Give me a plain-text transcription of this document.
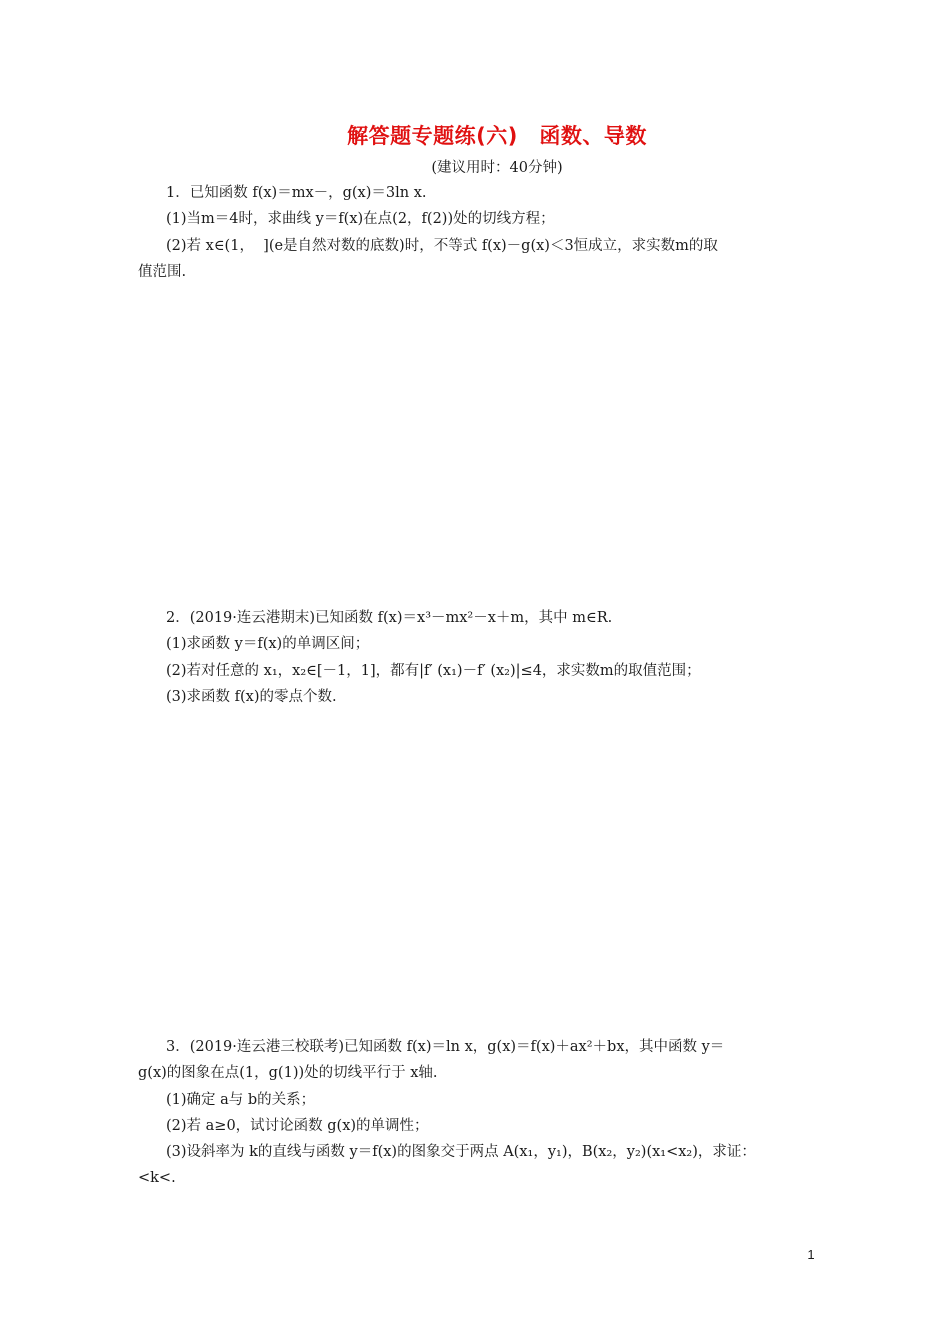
解答题专题练(六)　函数、导数
(建议用时：40分钟)

1．已知函数 f(x)＝mx－，g(x)＝3ln x.

(1)当m＝4时，求曲线 y＝f(x)在点(2，f(2))处的切线方程；

(2)若 x∈(1，  ](e是自然对数的底数)时，不等式 f(x)－g(x)＜3恒成立，求实数m的取

值范围.

2．(2019·连云港期末)已知函数 f(x)＝x³－mx²－x＋m，其中 m∈R.

(1)求函数 y＝f(x)的单调区间；

(2)若对任意的 x₁，x₂∈[－1，1]，都有|f′ (x₁)－f′ (x₂)|≤4，求实数m的取值范围；

(3)求函数 f(x)的零点个数.

3．(2019·连云港三校联考)已知函数 f(x)＝ln x，g(x)＝f(x)＋ax²＋bx，其中函数 y＝

g(x)的图象在点(1，g(1))处的切线平行于 x轴.

(1)确定 a与 b的关系；

(2)若 a≥0，试讨论函数 g(x)的单调性；

(3)设斜率为 k的直线与函数 y＝f(x)的图象交于两点 A(x₁，y₁)，B(x₂，y₂)(x₁<x₂)，求证：

<k<.

1
